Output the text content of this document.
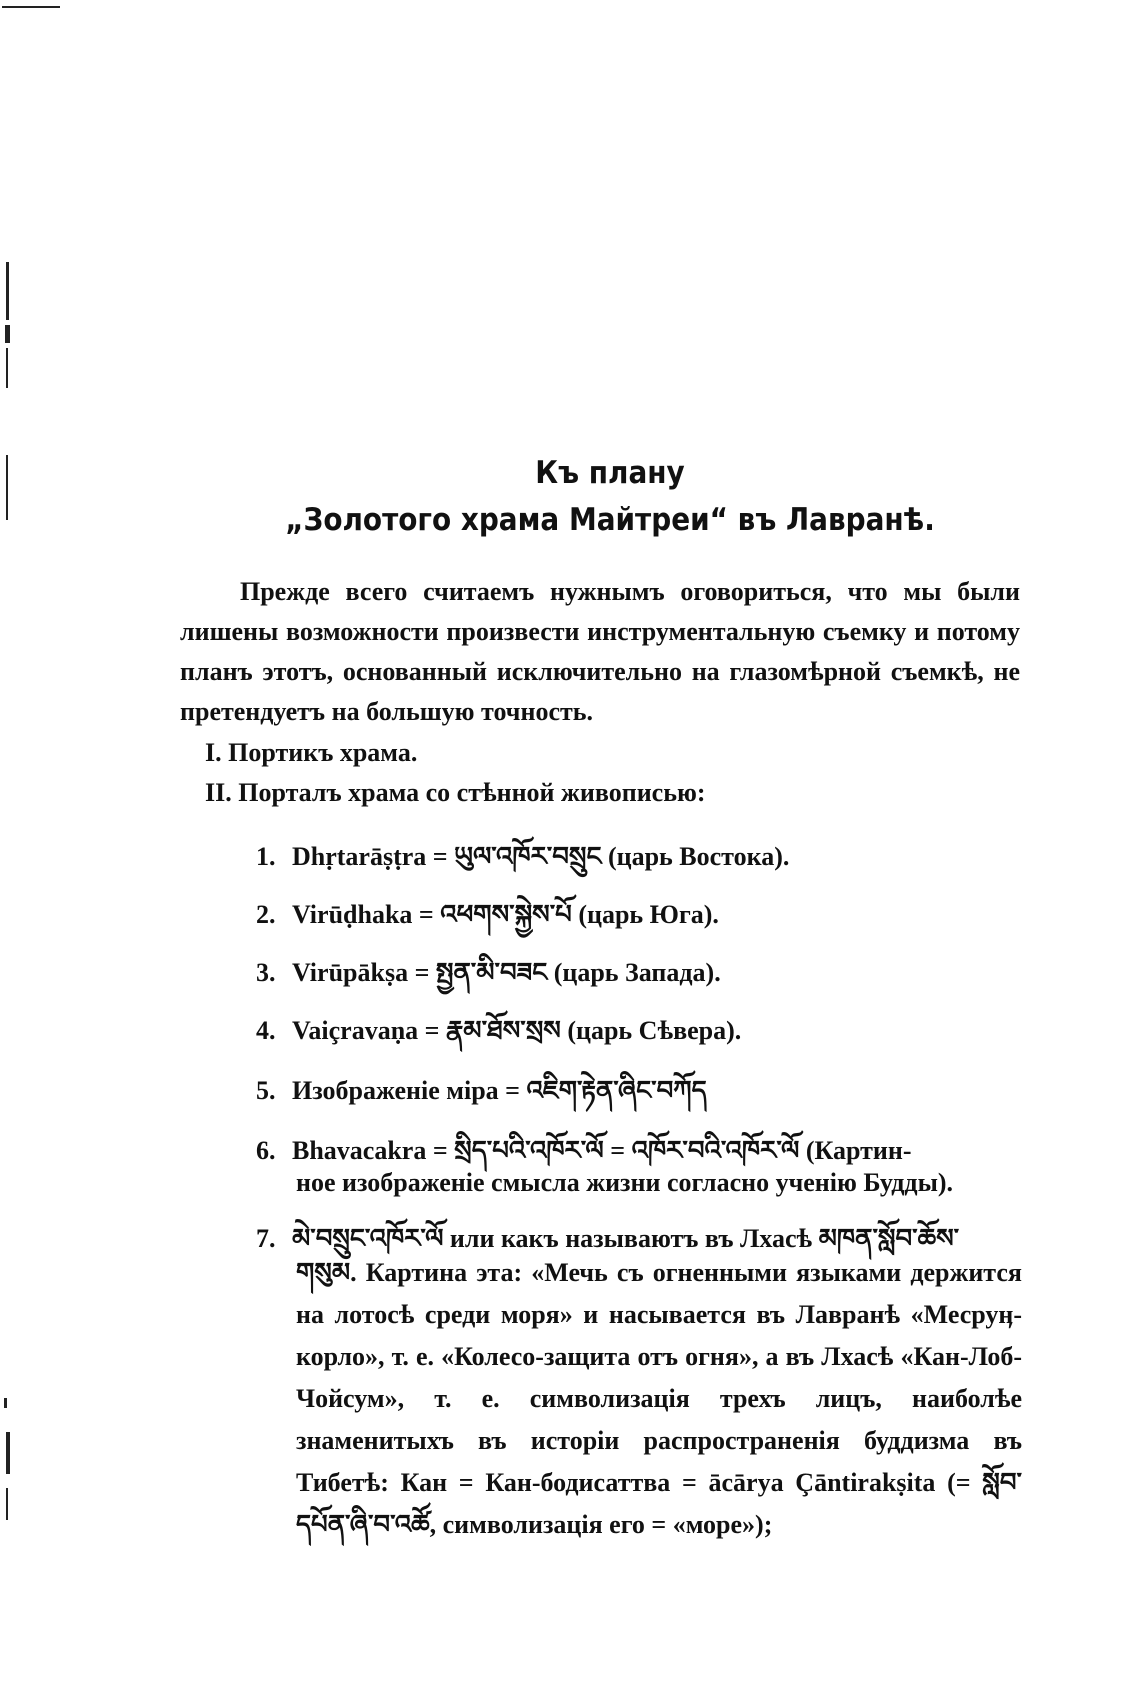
Къ плану
„Золотого храма Майтреи“ въ Лавранѣ.

Прежде всего считаемъ нужнымъ оговориться, что мы были лишены возможности произвести инструментальную съемку и потому планъ этотъ, основанный исключительно на глазомѣрной съемкѣ, не претендуетъ на большую точность.

I. Портикъ храма.
II. Порталъ храма со стѣнной живописью:
1. Dhṛtarāṣṭra = ཡུལ་འཁོར་བསྲུང (царь Востока).
2. Virūḍhaka = འཕགས་སྐྱེས་པོ (царь Юга).
3. Virūpākṣa = སྤྱན་མི་བཟང (царь Запада).
4. Vaiçravaṇa = རྣམ་ཐོས་སྲས (царь Сѣвера).
5. Изображенiе мiра = འཇིག་རྟེན་ཞིང་བཀོད
6. Bhavacakra = སྲིད་པའི་འཁོར་ལོ = འཁོར་བའི་འཁོར་ལོ (Картин-
ное изображенiе смысла жизни согласно ученiю Будды).
7. མེ་བསྲུང་འཁོར་ལོ или какъ называютъ въ Лхасѣ མཁན་སློབ་ཆོས་
གསུམ. Картина эта: «Мечь съ огненными языками держится на лотосѣ среди моря» и насывается въ Лавранѣ «Месруӊ-корло», т. е. «Колесо-защита отъ огня», а въ Лхасѣ «Кан-Лоб-Чойсум», т. е. символизацiя трехъ лицъ, наиболѣе знаменитыхъ въ исторiи распространенiя буддизма въ Тибетѣ: Кан = Кан-бодисаттва = ācārya Çāntirakṣita (= སློབ་དཔོན་ཞི་བ་འཚོ, символизацiя его = «море»);
